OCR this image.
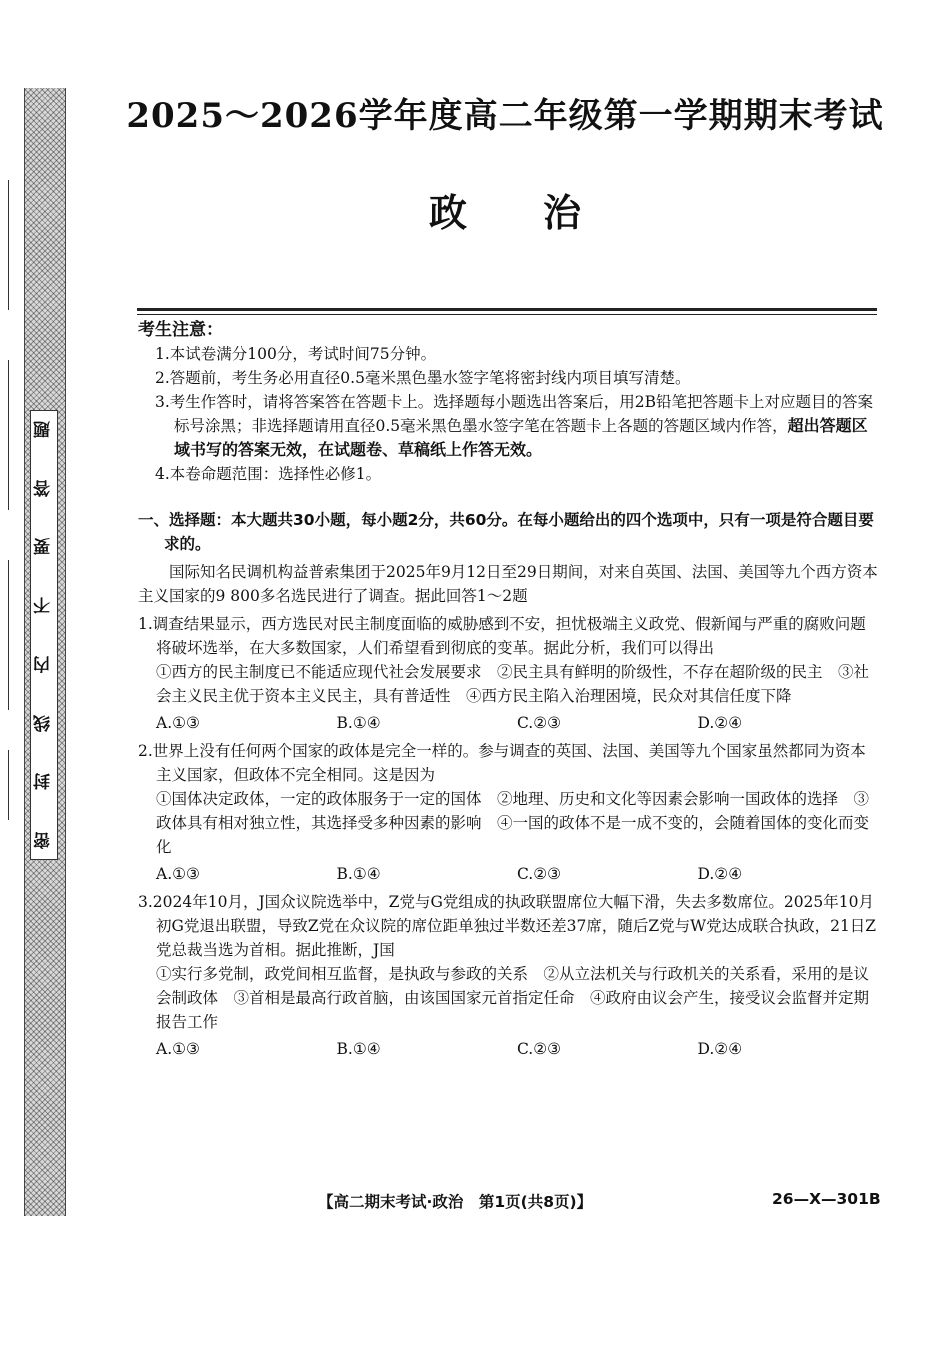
题
答
要
不
内
线
封
密
2025～2026学年度高二年级第一学期期末考试
政　　治
考生注意：
1.本试卷满分100分，考试时间75分钟。
2.答题前，考生务必用直径0.5毫米黑色墨水签字笔将密封线内项目填写清楚。
3.考生作答时，请将答案答在答题卡上。选择题每小题选出答案后，用2B铅笔把答题卡上对应题目的答案标号涂黑；非选择题请用直径0.5毫米黑色墨水签字笔在答题卡上各题的答题区域内作答，超出答题区域书写的答案无效，在试题卷、草稿纸上作答无效。
4.本卷命题范围：选择性必修1。
一、选择题：本大题共30小题，每小题2分，共60分。在每小题给出的四个选项中，只有一项是符合题目要求的。
国际知名民调机构益普索集团于2025年9月12日至29日期间，对来自英国、法国、美国等九个西方资本主义国家的9 800多名选民进行了调查。据此回答1～2题
1.调查结果显示，西方选民对民主制度面临的威胁感到不安，担忧极端主义政党、假新闻与严重的腐败问题将破坏选举，在大多数国家，人们希望看到彻底的变革。据此分析，我们可以得出
①西方的民主制度已不能适应现代社会发展要求　②民主具有鲜明的阶级性，不存在超阶级的民主　③社会主义民主优于资本主义民主，具有普适性　④西方民主陷入治理困境，民众对其信任度下降
A.①③	B.①④	C.②③	D.②④
2.世界上没有任何两个国家的政体是完全一样的。参与调查的英国、法国、美国等九个国家虽然都同为资本主义国家，但政体不完全相同。这是因为
①国体决定政体，一定的政体服务于一定的国体　②地理、历史和文化等因素会影响一国政体的选择　③政体具有相对独立性，其选择受多种因素的影响　④一国的政体不是一成不变的，会随着国体的变化而变化
A.①③	B.①④	C.②③	D.②④
3.2024年10月，J国众议院选举中，Z党与G党组成的执政联盟席位大幅下滑，失去多数席位。2025年10月初G党退出联盟，导致Z党在众议院的席位距单独过半数还差37席，随后Z党与W党达成联合执政，21日Z党总裁当选为首相。据此推断，J国
①实行多党制，政党间相互监督，是执政与参政的关系　②从立法机关与行政机关的关系看，采用的是议会制政体　③首相是最高行政首脑，由该国国家元首指定任命　④政府由议会产生，接受议会监督并定期报告工作
A.①③	B.①④	C.②③	D.②④
【高二期末考试·政治　第1页(共8页)】	26—X—301B
